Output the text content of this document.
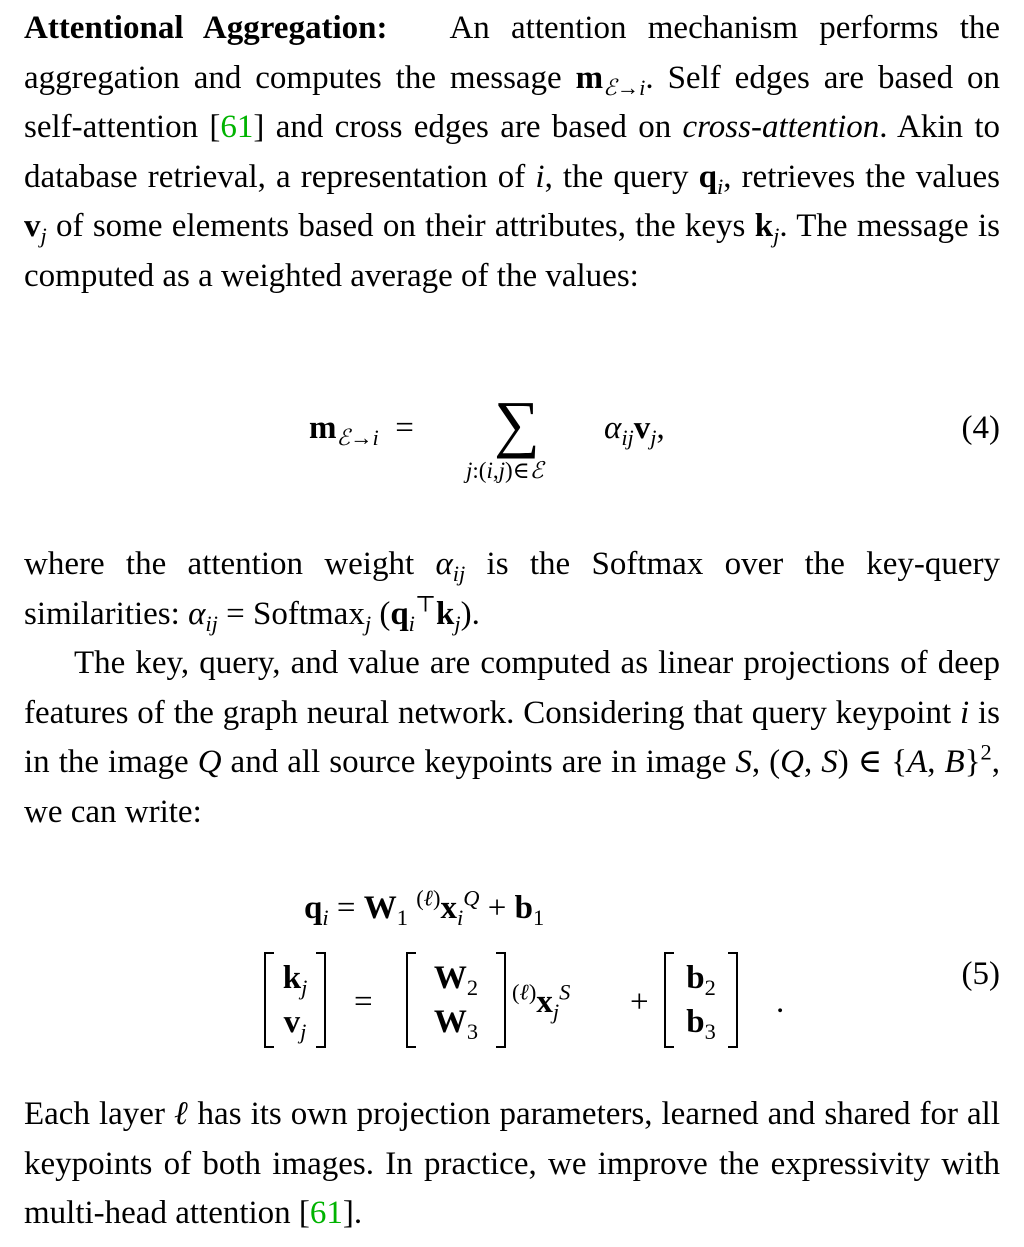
Attentional Aggregation: An attention mechanism performs the aggregation and computes the message $m_{ℰ\to i}$. Self edges are based on self-attention [61] and cross edges are based on cross-attention. Akin to database retrieval, a representation of i, the query $q_i$, retrieves the values $v_j$ of some elements based on their attributes, the keys $k_j$. The message is computed as a weighted average of the values:

$m_{ℰ\to i}$  = ∑
j:(i,j)∈ℰ
$\alpha_{ij}v_j$,	(4)

where the attention weight $\alpha_{ij}$ is the Softmax over the key-query similarities: $\alpha_{ij}$ = Softmax$_j$ $(q_i^⊤k_j)$.
The key, query, and value are computed as linear projections of deep features of the graph neural network. Considering that query keypoint i is in the image Q and all source keypoints are in image S, (Q, S) ∈ {A, B}$^2$, we can write:

$q_i = W_1$ $^{(\ell)}x_i^Q + b_1$
$k_j$
$v_j$
=
$W_2$
$W_3$
$^{(\ell)}x_j^S$ +
$b_2$
$b_3$
.
(5)

Each layer ℓ has its own projection parameters, learned and shared for all keypoints of both images. In practice, we improve the expressivity with multi-head attention [61].
